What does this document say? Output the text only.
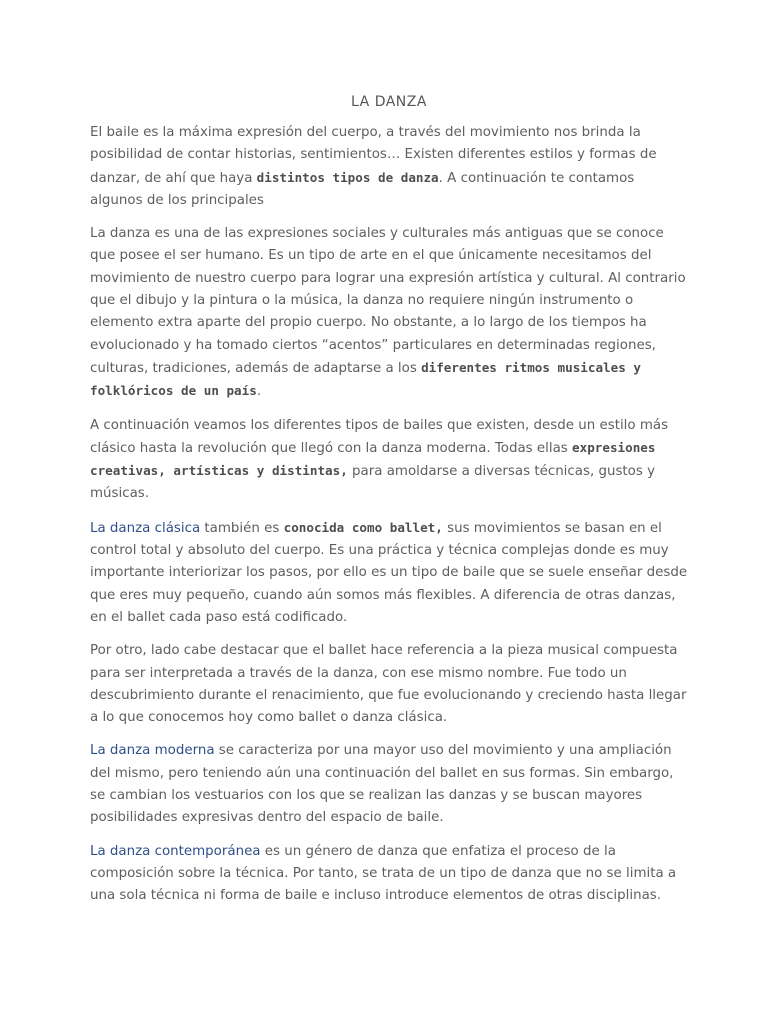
LA DANZA

El baile es la máxima expresión del cuerpo, a través del movimiento nos brinda la posibilidad de contar historias, sentimientos… Existen diferentes estilos y formas de danzar, de ahí que haya distintos tipos de danza. A continuación te contamos algunos de los principales

La danza es una de las expresiones sociales y culturales más antiguas que se conoce que posee el ser humano. Es un tipo de arte en el que únicamente necesitamos del movimiento de nuestro cuerpo para lograr una expresión artística y cultural. Al contrario que el dibujo y la pintura o la música, la danza no requiere ningún instrumento o elemento extra aparte del propio cuerpo. No obstante, a lo largo de los tiempos ha evolucionado y ha tomado ciertos “acentos” particulares en determinadas regiones, culturas, tradiciones, además de adaptarse a los diferentes ritmos musicales y folklóricos de un país.

A continuación veamos los diferentes tipos de bailes que existen, desde un estilo más clásico hasta la revolución que llegó con la danza moderna. Todas ellas expresiones creativas, artísticas y distintas, para amoldarse a diversas técnicas, gustos y músicas.

La danza clásica también es conocida como ballet, sus movimientos se basan en el control total y absoluto del cuerpo. Es una práctica y técnica complejas donde es muy importante interiorizar los pasos, por ello es un tipo de baile que se suele enseñar desde que eres muy pequeño, cuando aún somos más flexibles. A diferencia de otras danzas, en el ballet cada paso está codificado.

Por otro, lado cabe destacar que el ballet hace referencia a la pieza musical compuesta para ser interpretada a través de la danza, con ese mismo nombre. Fue todo un descubrimiento durante el renacimiento, que fue evolucionando y creciendo hasta llegar a lo que conocemos hoy como ballet o danza clásica.

La danza moderna se caracteriza por una mayor uso del movimiento y una ampliación del mismo, pero teniendo aún una continuación del ballet en sus formas. Sin embargo, se cambian los vestuarios con los que se realizan las danzas y se buscan mayores posibilidades expresivas dentro del espacio de baile.

La danza contemporánea es un género de danza que enfatiza el proceso de la composición sobre la técnica. Por tanto, se trata de un tipo de danza que no se limita a una sola técnica ni forma de baile e incluso introduce elementos de otras disciplinas.
